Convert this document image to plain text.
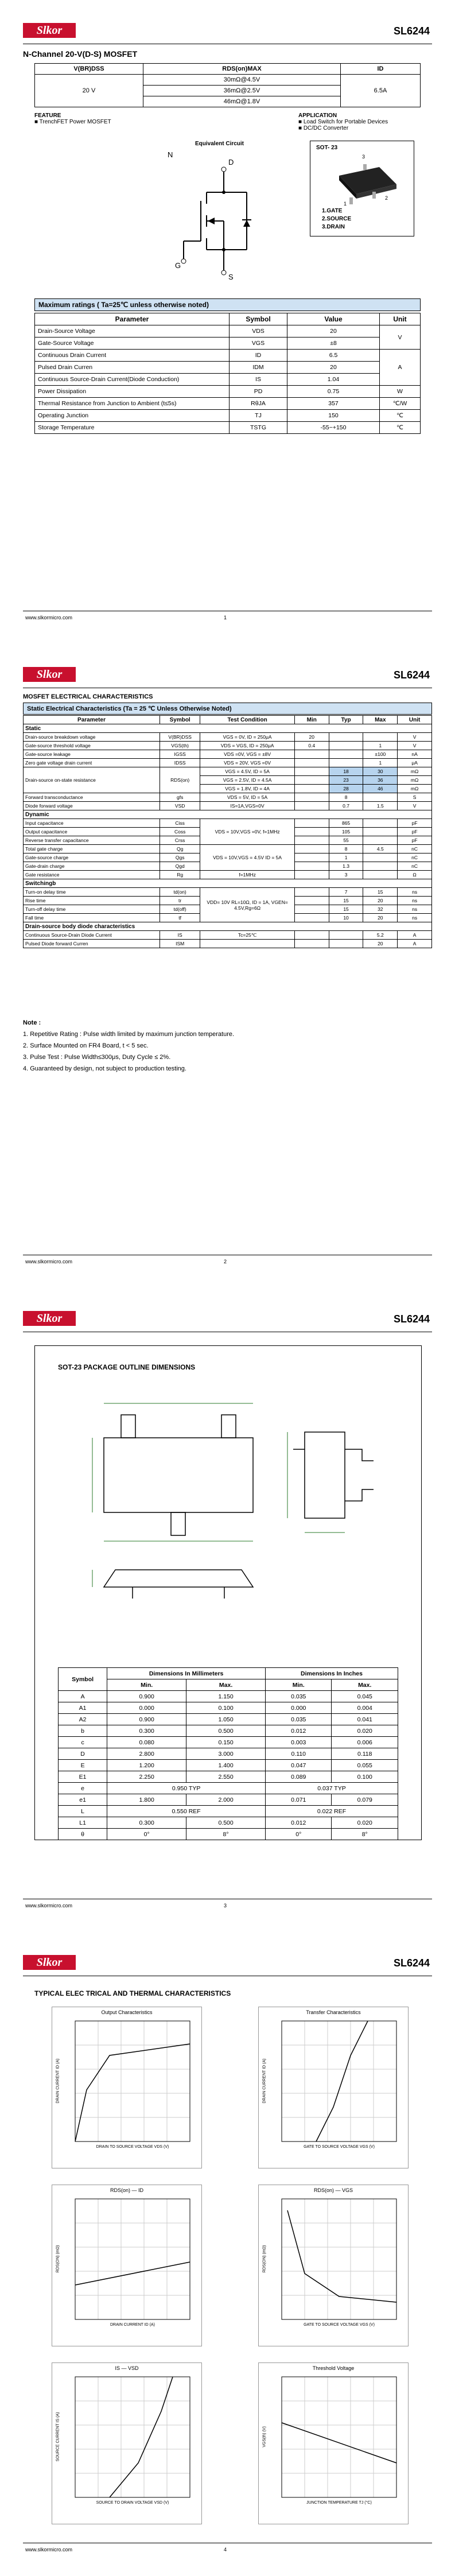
Slkor	SL6244
N-Channel 20-V(D-S) MOSFET
V(BR)DSS	RDS(on)MAX	ID
20 V	30mΩ@4.5V	6.5A
	36mΩ@2.5V	
	46mΩ@1.8V	
FEATURE
■ TrenchFET Power MOSFET
APPLICATION
■ Load Switch for Portable Devices
■ DC/DC Converter
Equivalent Circuit
D
G
S
N
SOT- 23
3
1
2
1.GATE
2.SOURCE
3.DRAIN
Maximum ratings ( Ta=25℃ unless otherwise noted)
Parameter	Symbol	Value	Unit
Drain-Source Voltage	VDS	20	V
Gate-Source Voltage	VGS	±8	
Continuous Drain Current	ID	6.5	A
Pulsed Drain Curren	IDM	20	
Continuous Source-Drain Current(Diode Conduction)	IS	1.04	
Power Dissipation	PD	0.75	W
Thermal Resistance from Junction to Ambient (t≤5s)	RθJA	357	℃/W
Operating Junction	TJ	150	℃
Storage Temperature	TSTG	-55~+150	℃
www.slkormicro.com	1
Slkor	SL6244
MOSFET ELECTRICAL CHARACTERISTICS
Static Electrical Characteristics (Ta = 25 ℃ Unless Otherwise Noted)
Parameter	Symbol	Test Condition	Min	Typ	Max	Unit
Static						
Drain-source breakdown voltage	V(BR)DSS	VGS = 0V, ID = 250μA	20			V
Gate-source threshold voltage	VGS(th)	VDS = VGS, ID = 250μA	0.4		1	V
Gate-source leakage	IGSS	VDS =0V, VGS = ±8V			±100	nA
Zero gate voltage drain current	IDSS	VDS = 20V, VGS =0V			1	μA
Drain-source on-state resistance	RDS(on)	VGS = 4.5V, ID = 5A		18	30	mΩ
		VGS = 2.5V, ID = 4.5A		23	36	mΩ
		VGS = 1.8V, ID = 4A		28	46	mΩ
Forward transconductance	gfs	VDS = 5V, ID = 5A		8		S
Diode forward voltage	VSD	IS=1A,VGS=0V		0.7	1.5	V
Dynamic						
Input capacitance	Ciss	VDS = 10V,VGS =0V, f=1MHz		865		pF
Output capacitance	Coss			105		pF
Reverse transfer capacitance	Crss			55		pF
Total gate charge	Qg	VDS = 10V,VGS = 4.5V ID = 5A		8	4.5	nC
Gate-source charge	Qgs			1		nC
Gate-drain charge	Qgd			1.3		nC
Gate resistance	Rg	f=1MHz		3		Ω
Switchingb						
Turn-on delay time	td(on)	VDD= 10V RL=10Ω, ID = 1A, VGEN= 4.5V,Rg=6Ω		7	15	ns
Rise time	tr			15	20	ns
Turn-off delay time	td(off)			15	32	ns
Fall time	tf			10	20	ns
Drain-source body diode characteristics						
Continuous Source-Drain Diode Current	IS	Tc=25℃			5.2	A
Pulsed Diode forward Curren	ISM				20	A
Note :
1. Repetitive Rating : Pulse width limited by maximum junction temperature.
2. Surface Mounted on FR4 Board, t < 5 sec.
3. Pulse Test : Pulse Width≤300μs, Duty Cycle ≤ 2%.
4. Guaranteed by design, not subject to production testing.
www.slkormicro.com	2
Slkor	SL6244
SOT-23 PACKAGE OUTLINE DIMENSIONS
Symbol	Dimensions In Millimeters		Dimensions In Inches	
	Min.	Max.	Min.	Max.
A	0.900	1.150	0.035	0.045
A1	0.000	0.100	0.000	0.004
A2	0.900	1.050	0.035	0.041
b	0.300	0.500	0.012	0.020
c	0.080	0.150	0.003	0.006
D	2.800	3.000	0.110	0.118
E	1.200	1.400	0.047	0.055
E1	2.250	2.550	0.089	0.100
e	0.950 TYP		0.037 TYP	
e1	1.800	2.000	0.071	0.079
L	0.550 REF		0.022 REF	
L1	0.300	0.500	0.012	0.020
θ	0°	8°	0°	8°
www.slkormicro.com	3
Slkor	SL6244
TYPICAL ELEC TRICAL AND THERMAL CHARACTERISTICS
Output Characteristics
DRAIN TO SOURCE VOLTAGE VDS (V)
DRAIN CURRENT ID (A)
Transfer Characteristics
GATE TO SOURCE VOLTAGE VGS (V)
DRAIN CURRENT ID (A)
RDS(on) — ID
DRAIN CURRENT ID (A)
RDS(ON) (mΩ)
RDS(on) — VGS
GATE TO SOURCE VOLTAGE VGS (V)
RDS(ON) (mΩ)
IS — VSD
SOURCE TO DRAIN VOLTAGE VSD (V)
SOURCE CURRENT IS (A)
Threshold Voltage
JUNCTION TEMPERATURE TJ (°C)
VGS(th) (V)
www.slkormicro.com	4
